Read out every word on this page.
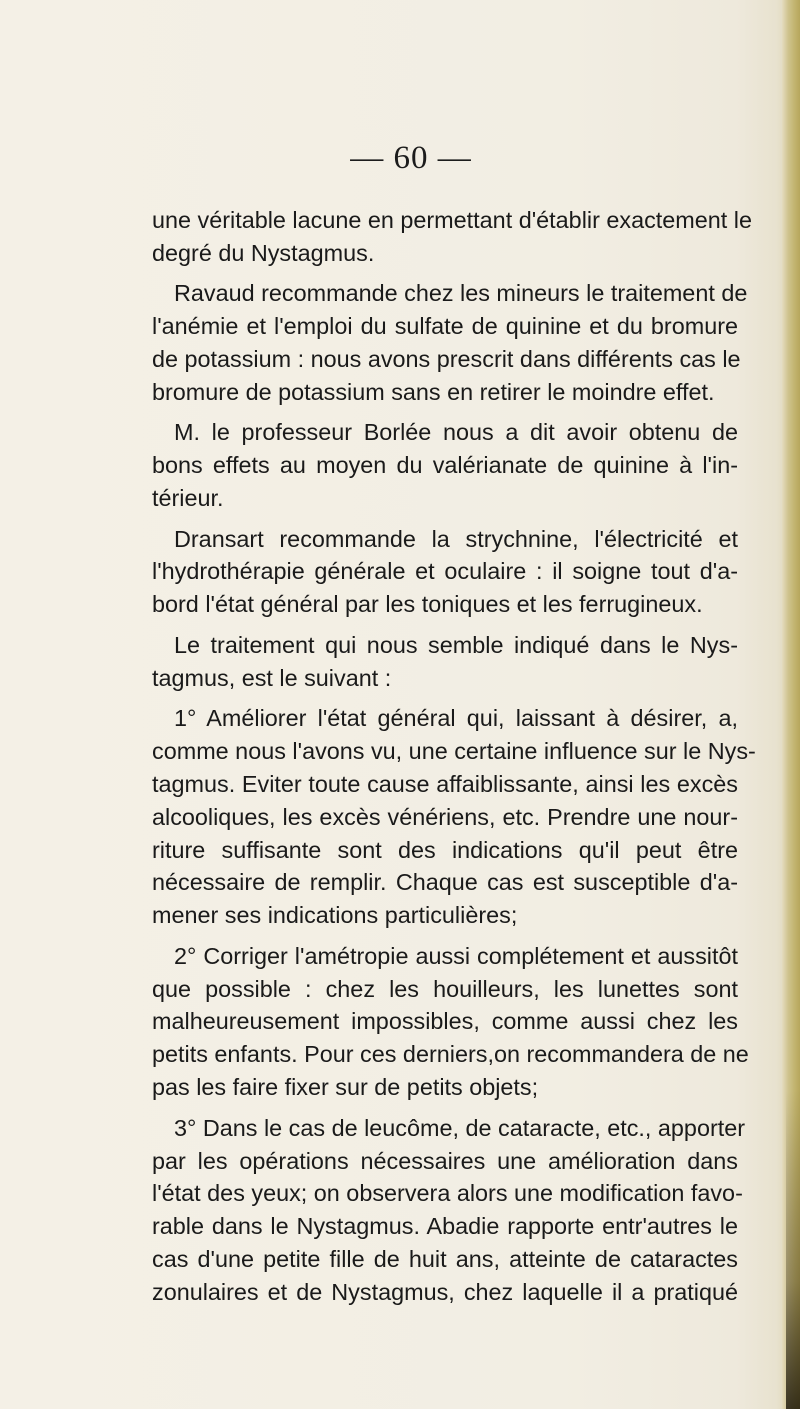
— 60 —
une véritable lacune en permettant d'établir exactement le
degré du Nystagmus.
Ravaud recommande chez les mineurs le traitement de
l'anémie et l'emploi du sulfate de quinine et du bromure
de potassium : nous avons prescrit dans différents cas le
bromure de potassium sans en retirer le moindre effet.
M. le professeur Borlée nous a dit avoir obtenu de
bons effets au moyen du valérianate de quinine à l'in-
térieur.
Dransart recommande la strychnine, l'électricité et
l'hydrothérapie générale et oculaire : il soigne tout d'a-
bord l'état général par les toniques et les ferrugineux.
Le traitement qui nous semble indiqué dans le Nys-
tagmus, est le suivant :
1° Améliorer l'état général qui, laissant à désirer, a,
comme nous l'avons vu, une certaine influence sur le Nys-
tagmus. Eviter toute cause affaiblissante, ainsi les excès
alcooliques, les excès vénériens, etc. Prendre une nour-
riture suffisante sont des indications qu'il peut être
nécessaire de remplir. Chaque cas est susceptible d'a-
mener ses indications particulières;
2° Corriger l'amétropie aussi complétement et aussitôt
que possible : chez les houilleurs, les lunettes sont
malheureusement impossibles, comme aussi chez les
petits enfants. Pour ces derniers,on recommandera de ne
pas les faire fixer sur de petits objets;
3° Dans le cas de leucôme, de cataracte, etc., apporter
par les opérations nécessaires une amélioration dans
l'état des yeux; on observera alors une modification favo-
rable dans le Nystagmus. Abadie rapporte entr'autres le
cas d'une petite fille de huit ans, atteinte de cataractes
zonulaires et de Nystagmus, chez laquelle il a pratiqué
